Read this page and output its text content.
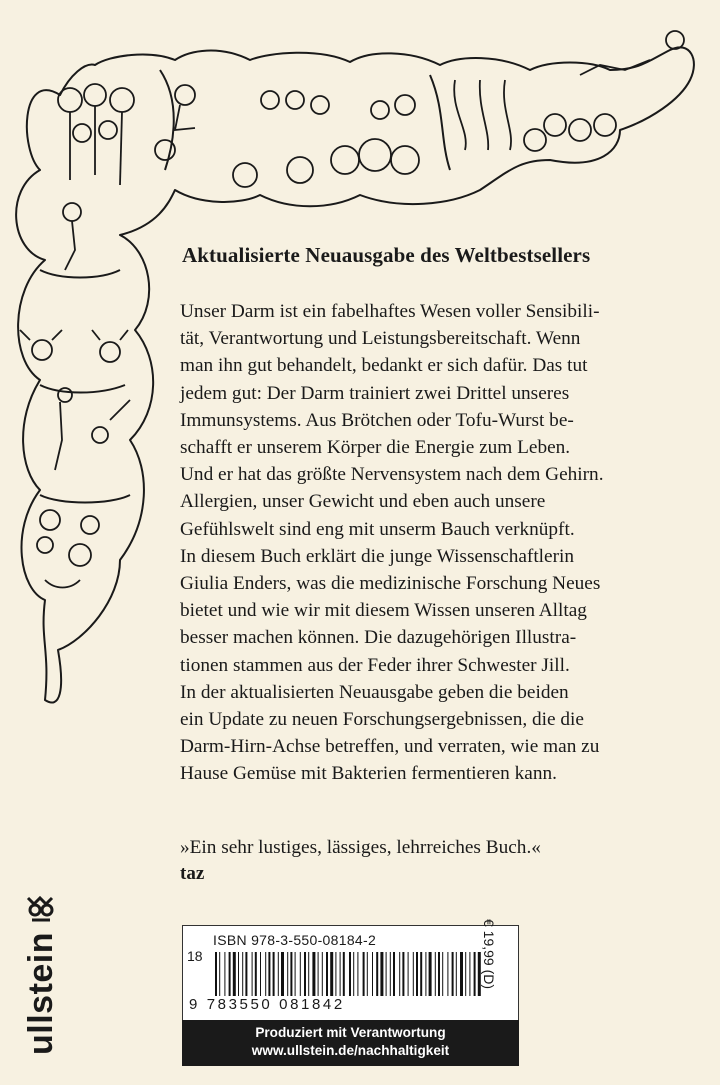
Aktualisierte Neuausgabe des Weltbestsellers
Unser Darm ist ein fabelhaftes Wesen voller Sensibili-
tät, Verantwortung und Leistungsbereitschaft. Wenn
man ihn gut behandelt, bedankt er sich dafür. Das tut
jedem gut: Der Darm trainiert zwei Drittel unseres
Immunsystems. Aus Brötchen oder Tofu-Wurst be-
schafft er unserem Körper die Energie zum Leben.
Und er hat das größte Nervensystem nach dem Gehirn.
Allergien, unser Gewicht und eben auch unsere
Gefühlswelt sind eng mit unserm Bauch verknüpft.
In diesem Buch erklärt die junge Wissenschaftlerin
Giulia Enders, was die medizinische Forschung Neues
bietet und wie wir mit diesem Wissen unseren Alltag
besser machen können. Die dazugehörigen Illustra-
tionen stammen aus der Feder ihrer Schwester Jill.
In der aktualisierten Neuausgabe geben die beiden
ein Update zu neuen Forschungsergebnissen, die die
Darm-Hirn-Achse betreffen, und verraten, wie man zu
Hause Gemüse mit Bakterien fermentieren kann.
»Ein sehr lustiges, lässiges, lehrreiches Buch.«
taz
ullstein	ISBN 978-3-550-08184-2
18	€ 19,99 (D)
9 783550 081842
Produziert mit Verantwortung
www.ullstein.de/nachhaltigkeit
